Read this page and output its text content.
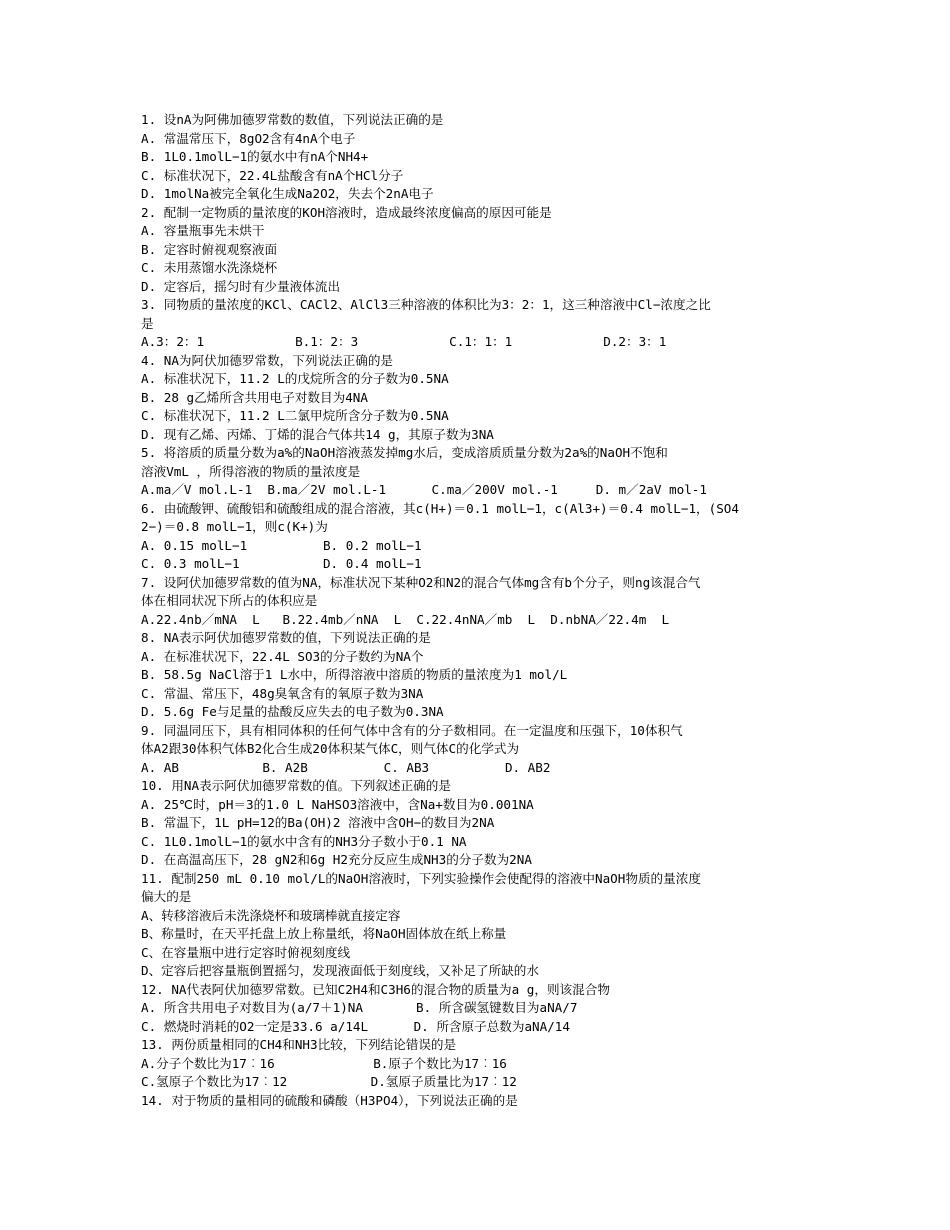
1. 设nA为阿佛加德罗常数的数值，下列说法正确的是
A. 常温常压下，8gO2含有4nA个电子
B. 1L0.1molL−1的氨水中有nA个NH4+
C. 标准状况下，22.4L盐酸含有nA个HCl分子
D. 1molNa被完全氧化生成Na2O2，失去个2nA电子
2. 配制一定物质的量浓度的KOH溶液时，造成最终浓度偏高的原因可能是
A. 容量瓶事先未烘干
B. 定容时俯视观察液面
C. 未用蒸馏水洗涤烧杯
D. 定容后，摇匀时有少量液体流出
3. 同物质的量浓度的KCl、CACl2、AlCl3三种溶液的体积比为3：2：1，这三种溶液中Cl−浓度之比
是
A.3：2：1            B.1：2：3            C.1：1：1            D.2：3：1
4. NA为阿伏加德罗常数，下列说法正确的是
A. 标准状况下，11.2 L的戊烷所含的分子数为0.5NA
B. 28 g乙烯所含共用电子对数目为4NA
C. 标准状况下，11.2 L二氯甲烷所含分子数为0.5NA
D. 现有乙烯、丙烯、丁烯的混合气体共14 g，其原子数为3NA
5. 将溶质的质量分数为a%的NaOH溶液蒸发掉mg水后，变成溶质质量分数为2a%的NaOH不饱和
溶液VmL ，所得溶液的物质的量浓度是
A.ma／V mol.L-1  B.ma／2V mol.L-1      C.ma／200V mol.-1     D. m／2aV mol-1
6. 由硫酸钾、硫酸铝和硫酸组成的混合溶液，其c(H+)＝0.1 molL−1，c(Al3+)＝0.4 molL−1，(SO4
2−)＝0.8 molL−1，则c(K+)为
A. 0.15 molL−1          B. 0.2 molL−1
C. 0.3 molL−1           D. 0.4 molL−1
7. 设阿伏加德罗常数的值为NA，标准状况下某种O2和N2的混合气体mg含有b个分子，则ng该混合气
体在相同状况下所占的体积应是
A.22.4nb／mNA  L   B.22.4mb／nNA  L  C.22.4nNA／mb  L  D.nbNA／22.4m  L
8. NA表示阿伏加德罗常数的值，下列说法正确的是
A. 在标准状况下，22.4L SO3的分子数约为NA个
B. 58.5g NaCl溶于1 L水中，所得溶液中溶质的物质的量浓度为1 mol/L
C. 常温、常压下，48g臭氧含有的氧原子数为3NA
D. 5.6g Fe与足量的盐酸反应失去的电子数为0.3NA
9. 同温同压下，具有相同体积的任何气体中含有的分子数相同。在一定温度和压强下，10体积气
体A2跟30体积气体B2化合生成20体积某气体C，则气体C的化学式为
A. AB           B. A2B          C. AB3          D. AB2
10. 用NA表示阿伏加德罗常数的值。下列叙述正确的是
A. 25℃时，pH＝3的1.0 L NaHSO3溶液中，含Na+数目为0.001NA
B. 常温下，1L pH=12的Ba(OH)2 溶液中含OH−的数目为2NA
C. 1L0.1molL−1的氨水中含有的NH3分子数小于0.1 NA
D. 在高温高压下，28 gN2和6g H2充分反应生成NH3的分子数为2NA
11. 配制250 mL 0.10 mol/L的NaOH溶液时，下列实验操作会使配得的溶液中NaOH物质的量浓度
偏大的是
A、转移溶液后未洗涤烧杯和玻璃棒就直接定容
B、称量时，在天平托盘上放上称量纸，将NaOH固体放在纸上称量
C、在容量瓶中进行定容时俯视刻度线
D、定容后把容量瓶倒置摇匀，发现液面低于刻度线，又补足了所缺的水
12. NA代表阿伏加德罗常数。已知C2H4和C3H6的混合物的质量为a g，则该混合物
A. 所含共用电子对数目为(a/7＋1)NA       B. 所含碳氢键数目为aNA/7
C. 燃烧时消耗的O2一定是33.6 a/14L      D. 所含原子总数为aNA/14
13. 两份质量相同的CH4和NH3比较，下列结论错误的是
A.分子个数比为17︰16             B.原子个数比为17︰16
C.氢原子个数比为17︰12           D.氢原子质量比为17︰12
14. 对于物质的量相同的硫酸和磷酸（H3PO4），下列说法正确的是
